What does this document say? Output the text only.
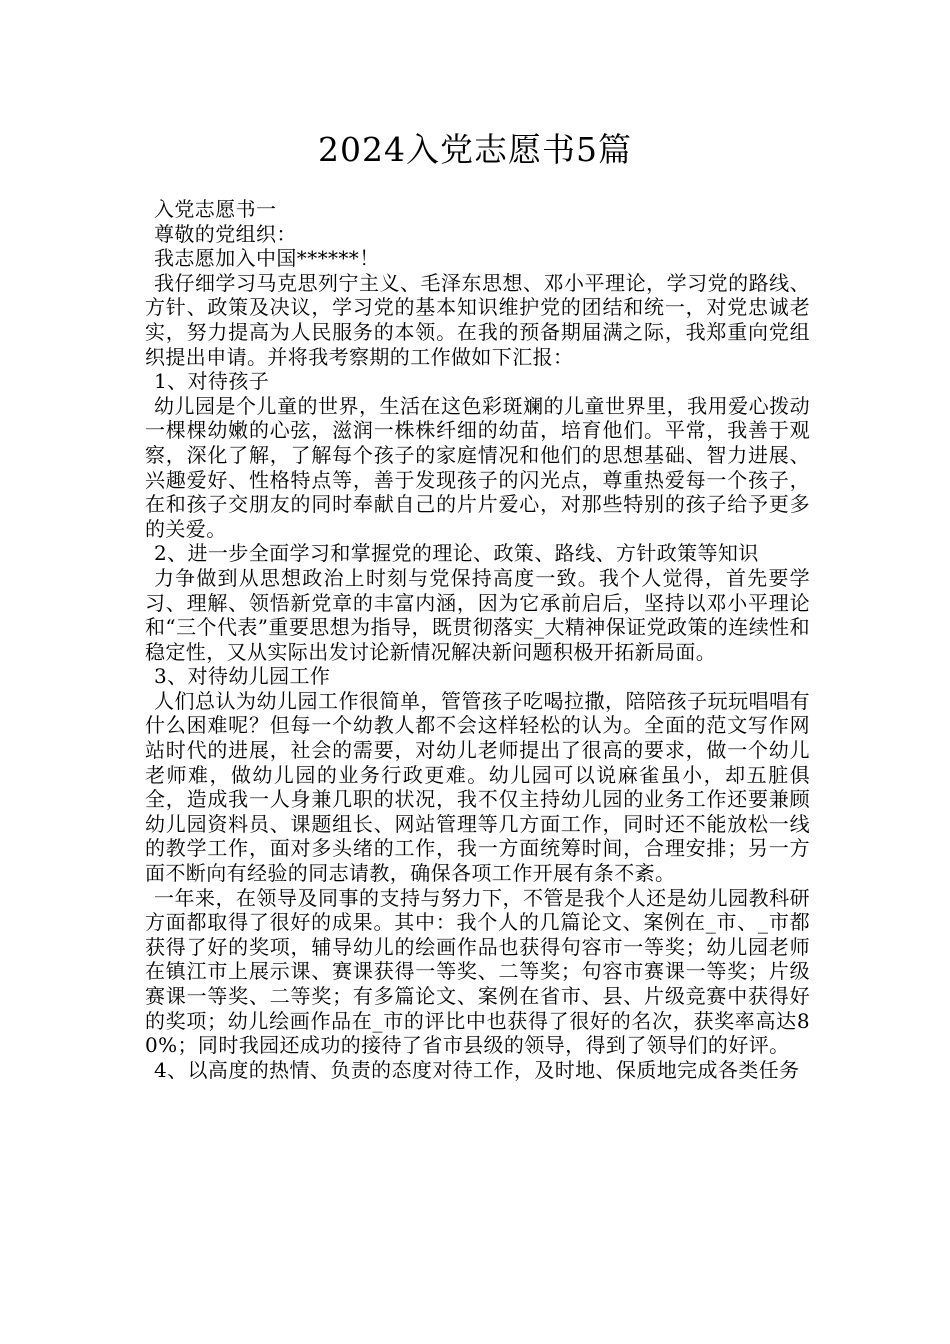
2024入党志愿书5篇

入党志愿书一

尊敬的党组织：

我志愿加入中国******！

我仔细学习马克思列宁主义、毛泽东思想、邓小平理论，学习党的路线、方针、政策及决议，学习党的基本知识维护党的团结和统一，对党忠诚老实，努力提高为人民服务的本领。在我的预备期届满之际，我郑重向党组织提出申请。并将我考察期的工作做如下汇报：

1、对待孩子

幼儿园是个儿童的世界，生活在这色彩斑斓的儿童世界里，我用爱心拨动一棵棵幼嫩的心弦，滋润一株株纤细的幼苗，培育他们。平常，我善于观察，深化了解，了解每个孩子的家庭情况和他们的思想基础、智力进展、兴趣爱好、性格特点等，善于发现孩子的闪光点，尊重热爱每一个孩子，在和孩子交朋友的同时奉献自己的片片爱心，对那些特别的孩子给予更多的关爱。

2、进一步全面学习和掌握党的理论、政策、路线、方针政策等知识

力争做到从思想政治上时刻与党保持高度一致。我个人觉得，首先要学习、理解、领悟新党章的丰富内涵，因为它承前启后，坚持以邓小平理论和“三个代表”重要思想为指导，既贯彻落实_大精神保证党政策的连续性和稳定性，又从实际出发讨论新情况解决新问题积极开拓新局面。

3、对待幼儿园工作

人们总认为幼儿园工作很简单，管管孩子吃喝拉撒，陪陪孩子玩玩唱唱有什么困难呢？但每一个幼教人都不会这样轻松的认为。全面的范文写作网站时代的进展，社会的需要，对幼儿老师提出了很高的要求，做一个幼儿老师难，做幼儿园的业务行政更难。幼儿园可以说麻雀虽小，却五脏俱全，造成我一人身兼几职的状况，我不仅主持幼儿园的业务工作还要兼顾幼儿园资料员、课题组长、网站管理等几方面工作，同时还不能放松一线的教学工作，面对多头绪的工作，我一方面统筹时间，合理安排；另一方面不断向有经验的同志请教，确保各项工作开展有条不紊。

一年来，在领导及同事的支持与努力下，不管是我个人还是幼儿园教科研方面都取得了很好的成果。其中：我个人的几篇论文、案例在_市、_市都获得了好的奖项，辅导幼儿的绘画作品也获得句容市一等奖；幼儿园老师在镇江市上展示课、赛课获得一等奖、二等奖；句容市赛课一等奖；片级赛课一等奖、二等奖；有多篇论文、案例在省市、县、片级竞赛中获得好的奖项；幼儿绘画作品在_市的评比中也获得了很好的名次，获奖率高达80%；同时我园还成功的接待了省市县级的领导，得到了领导们的好评。

4、以高度的热情、负责的态度对待工作，及时地、保质地完成各类任务
